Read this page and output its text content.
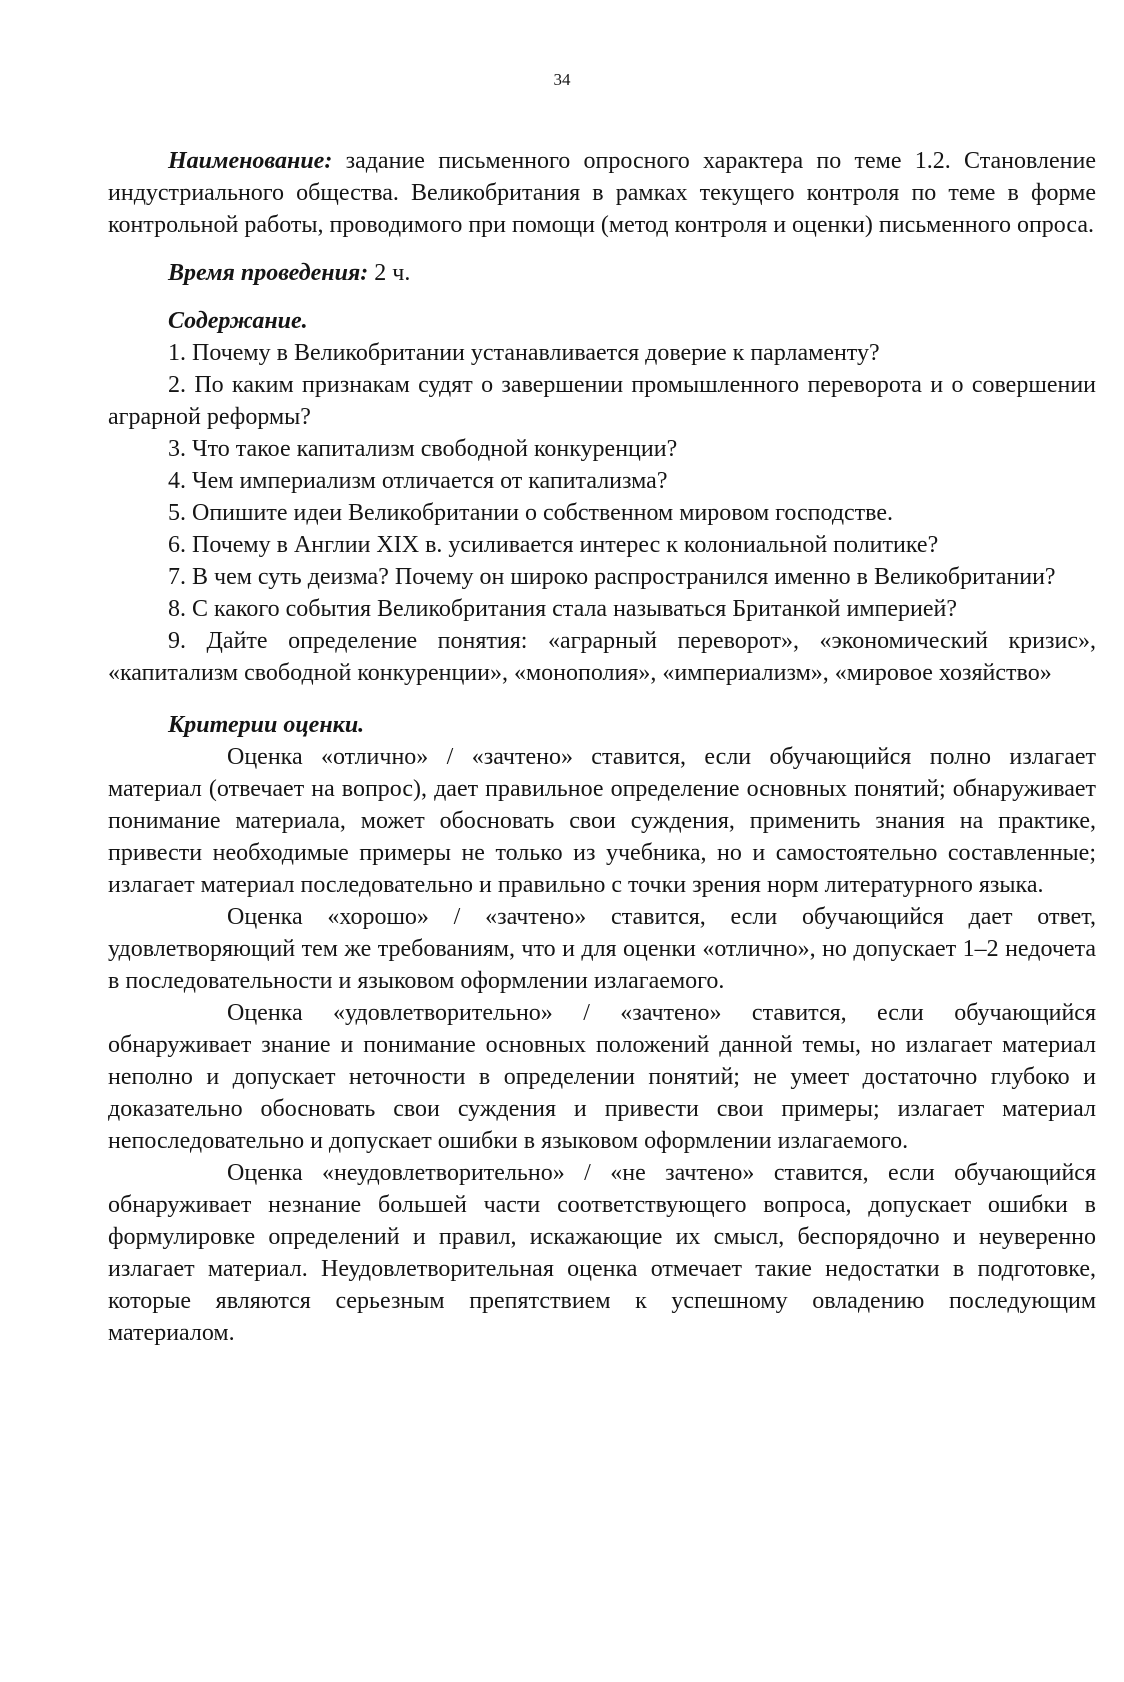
34

Наименование: задание письменного опросного характера по теме 1.2. Становление индустриального общества. Великобритания в рамках текущего контроля по теме в форме контрольной работы, проводимого при помощи (метод контроля и оценки) письменного опроса.

Время проведения: 2 ч.

Содержание.

1. Почему в Великобритании устанавливается доверие к парламенту?

2. По каким признакам судят о завершении промышленного переворота и о совершении аграрной реформы?

3. Что такое капитализм свободной конкуренции?

4. Чем империализм отличается от капитализма?

5. Опишите идеи Великобритании о собственном мировом господстве.

6. Почему в Англии XIX в. усиливается интерес к колониальной политике?

7. В чем суть деизма? Почему он широко распространился именно в Великобритании?

8. С какого события Великобритания стала называться Британкой империей?

9. Дайте определение понятия: «аграрный переворот», «экономический кризис», «капитализм свободной конкуренции», «монополия», «империализм», «мировое хозяйство»

Критерии оценки.

Оценка «отлично» / «зачтено» ставится, если обучающийся полно излагает материал (отвечает на вопрос), дает правильное определение основных понятий; обнаруживает понимание материала, может обосновать свои суждения, применить знания на практике, привести необходимые примеры не только из учебника, но и самостоятельно составленные; излагает материал последовательно и правильно с точки зрения норм литературного языка.

Оценка «хорошо» / «зачтено» ставится, если обучающийся дает ответ, удовлетворяющий тем же требованиям, что и для оценки «отлично», но допускает 1–2 недочета в последовательности и языковом оформлении излагаемого.

Оценка «удовлетворительно» / «зачтено» ставится, если обучающийся обнаруживает знание и понимание основных положений данной темы, но излагает материал неполно и допускает неточности в определении понятий; не умеет достаточно глубоко и доказательно обосновать свои суждения и привести свои примеры; излагает материал непоследовательно и допускает ошибки в языковом оформлении излагаемого.

Оценка «неудовлетворительно» / «не зачтено» ставится, если обучающийся обнаруживает незнание большей части соответствующего вопроса, допускает ошибки в формулировке определений и правил, искажающие их смысл, беспорядочно и неуверенно излагает материал. Неудовлетворительная оценка отмечает такие недостатки в подготовке, которые являются серьезным препятствием к успешному овладению последующим материалом.
